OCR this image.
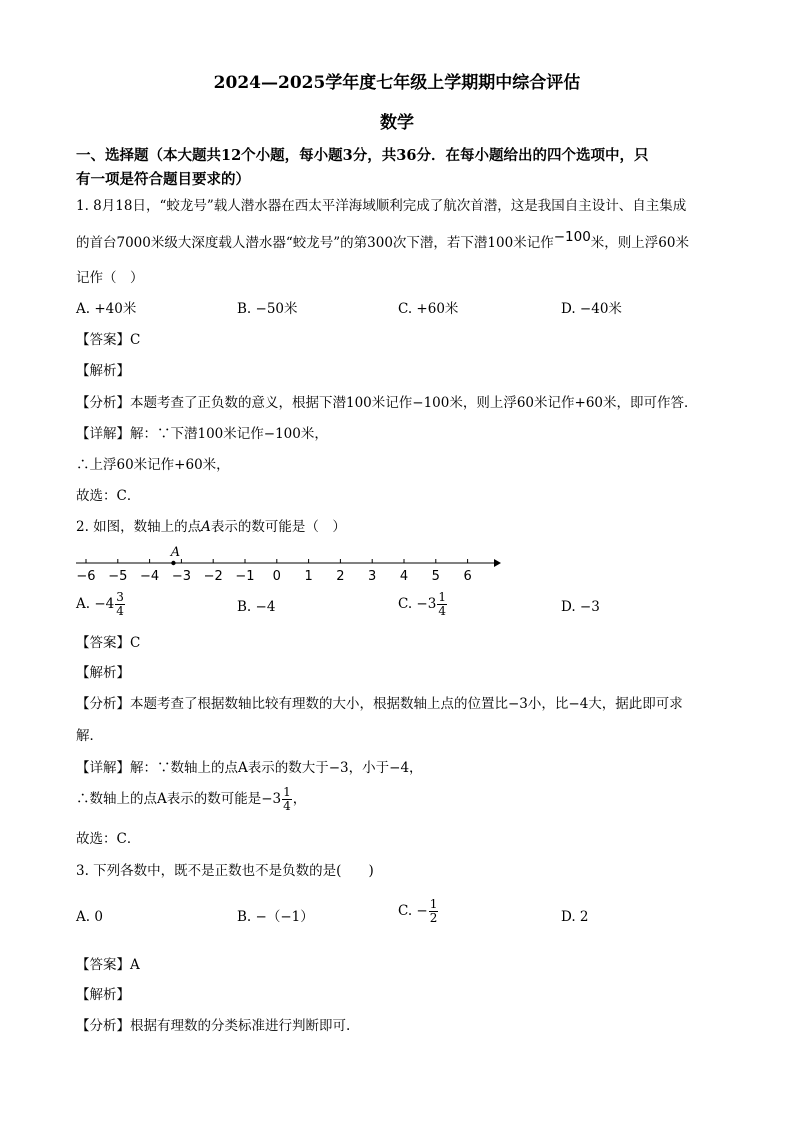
2024—2025学年度七年级上学期期中综合评估
数学
一、选择题（本大题共12个小题，每小题3分，共36分．在每小题给出的四个选项中，只
有一项是符合题目要求的）
1. 8月18日，“蛟龙号”载人潜水器在西太平洋海域顺利完成了航次首潜，这是我国自主设计、自主集成
的首台7000米级大深度载人潜水器“蛟龙号”的第300次下潜，若下潜100米记作−100米，则上浮60米
记作（　）
A. +40米	B. −50米	C. +60米	D. −40米
【答案】C
【解析】
【分析】本题考查了正负数的意义，根据下潜100米记作−100米，则上浮60米记作+60米，即可作答．
【详解】解：∵下潜100米记作−100米，
∴上浮60米记作+60米，
故选：C．
2. 如图，数轴上的点A表示的数可能是（　）
−6 −5 −4 −3 −2 −1 0 1 2 3 4 5 6
A
A. $-4 \frac{3}{4}$	B. −4	C. $-3 \frac{1}{4}$	D. −3
【答案】C
【解析】
【分析】本题考查了根据数轴比较有理数的大小，根据数轴上点的位置比−3小，比−4大，据此即可求
解．
【详解】解：∵数轴上的点A表示的数大于−3，小于−4，
∴数轴上的点A表示的数可能是$-3 \frac{1}{4}$ ，
故选：C．
3. 下列各数中，既不是正数也不是负数的是(　　)
A. 0	B. −（−1）	C. − $\frac{1}{2}$	D. 2
【答案】A
【解析】
【分析】根据有理数的分类标准进行判断即可.
